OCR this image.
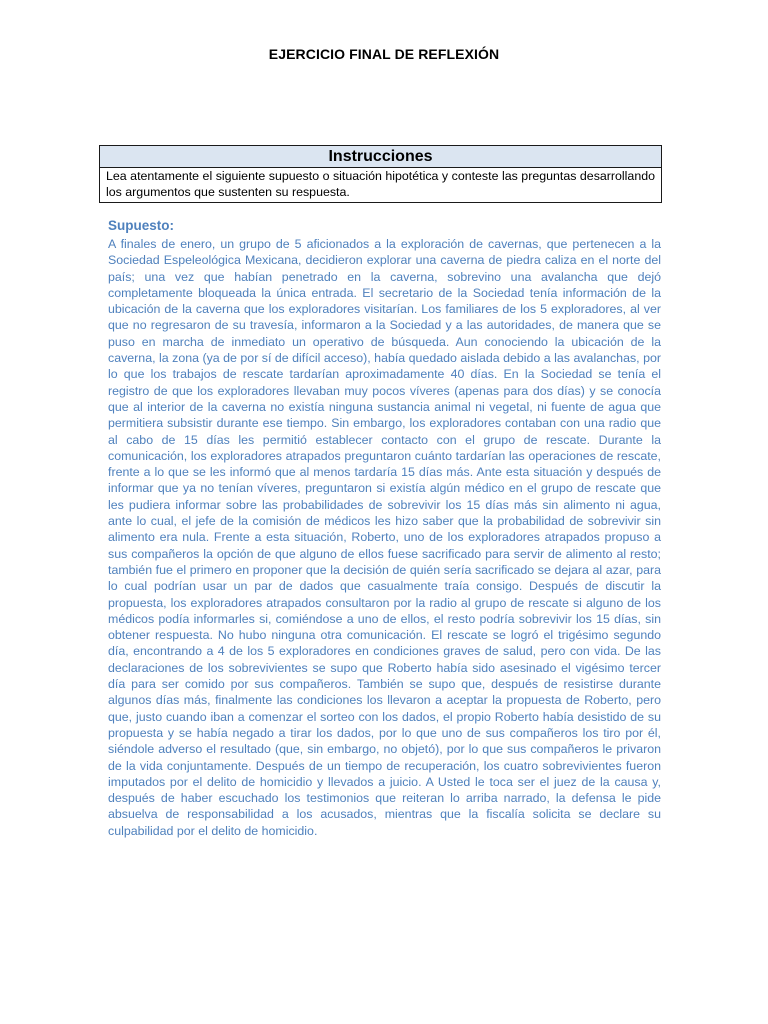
EJERCICIO FINAL DE REFLEXIÓN
Instrucciones
Lea atentamente el siguiente supuesto o situación hipotética y conteste las preguntas desarrollando los argumentos que sustenten su respuesta.
Supuesto:

A finales de enero, un grupo de 5 aficionados a la exploración de cavernas, que pertenecen a la Sociedad Espeleológica Mexicana, decidieron explorar una caverna de piedra caliza en el norte del país; una vez que habían penetrado en la caverna, sobrevino una avalancha que dejó completamente bloqueada la única entrada. El secretario de la Sociedad tenía información de la ubicación de la caverna que los exploradores visitarían. Los familiares de los 5 exploradores, al ver que no regresaron de su travesía, informaron a la Sociedad y a las autoridades, de manera que se puso en marcha de inmediato un operativo de búsqueda. Aun conociendo la ubicación de la caverna, la zona (ya de por sí de difícil acceso), había quedado aislada debido a las avalanchas, por lo que los trabajos de rescate tardarían aproximadamente 40 días. En la Sociedad se tenía el registro de que los exploradores llevaban muy pocos víveres (apenas para dos días) y se conocía que al interior de la caverna no existía ninguna sustancia animal ni vegetal, ni fuente de agua que permitiera subsistir durante ese tiempo. Sin embargo, los exploradores contaban con una radio que al cabo de 15 días les permitió establecer contacto con el grupo de rescate. Durante la comunicación, los exploradores atrapados preguntaron cuánto tardarían las operaciones de rescate, frente a lo que se les informó que al menos tardaría 15 días más. Ante esta situación y después de informar que ya no tenían víveres, preguntaron si existía algún médico en el grupo de rescate que les pudiera informar sobre las probabilidades de sobrevivir los 15 días más sin alimento ni agua, ante lo cual, el jefe de la comisión de médicos les hizo saber que la probabilidad de sobrevivir sin alimento era nula. Frente a esta situación, Roberto, uno de los exploradores atrapados propuso a sus compañeros la opción de que alguno de ellos fuese sacrificado para servir de alimento al resto; también fue el primero en proponer que la decisión de quién sería sacrificado se dejara al azar, para lo cual podrían usar un par de dados que casualmente traía consigo. Después de discutir la propuesta, los exploradores atrapados consultaron por la radio al grupo de rescate si alguno de los médicos podía informarles si, comiéndose a uno de ellos, el resto podría sobrevivir los 15 días, sin obtener respuesta. No hubo ninguna otra comunicación. El rescate se logró el trigésimo segundo día, encontrando a 4 de los 5 exploradores en condiciones graves de salud, pero con vida. De las declaraciones de los sobrevivientes se supo que Roberto había sido asesinado el vigésimo tercer día para ser comido por sus compañeros. También se supo que, después de resistirse durante algunos días más, finalmente las condiciones los llevaron a aceptar la propuesta de Roberto, pero que, justo cuando iban a comenzar el sorteo con los dados, el propio Roberto había desistido de su propuesta y se había negado a tirar los dados, por lo que uno de sus compañeros los tiro por él, siéndole adverso el resultado (que, sin embargo, no objetó), por lo que sus compañeros le privaron de la vida conjuntamente. Después de un tiempo de recuperación, los cuatro sobrevivientes fueron imputados por el delito de homicidio y llevados a juicio. A Usted le toca ser el juez de la causa y, después de haber escuchado los testimonios que reiteran lo arriba narrado, la defensa le pide absuelva de responsabilidad a los acusados, mientras que la fiscalía solicita se declare su culpabilidad por el delito de homicidio.
